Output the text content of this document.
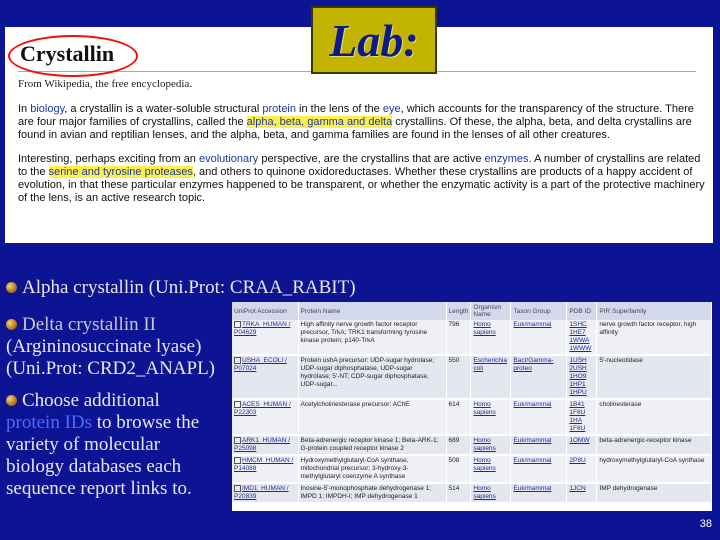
Crystallin
From Wikipedia, the free encyclopedia.

In biology, a crystallin is a water-soluble structural protein in the lens of the eye, which accounts for the transparency of the structure. There are four major families of crystallins, called the alpha, beta, gamma and delta crystallins. Of these, the alpha, beta, and delta crystallins are found in avian and reptilian lenses, and the alpha, beta, and gamma families are found in the lenses of all other creatures.

Interesting, perhaps exciting from an evolutionary perspective, are the crystallins that are active enzymes. A number of crystallins are related to the serine and tyrosine proteases, and others to quinone oxidoreductases. Whether these crystallins are products of a happy accident of evolution, in that these particular enzymes happened to be transparent, or whether the enzymatic activity is a part of the protective machinery of the lens, is an active research topic.

Lab:
Alpha crystallin (Uni.Prot: CRAA_RABIT)
Delta crystallin II
(Argininosuccinate lyase)
(Uni.Prot: CRD2_ANAPL)
Choose additional
protein IDs to browse the
variety of molecular
biology databases each
sequence report links to.
UniProt Accession	Protein Name	Length	Organism Name	Taxon Group	PDB ID	PIR Superfamily
TRKA_HUMAN / P04629	High affinity nerve growth factor receptor precursor, TrkA; TRK1 transforming tyrosine kinase protein; p140-TrkA	796	Homo sapiens	Euk/mammal	1SHC 1HE7 1WWA 1WWW	nerve growth factor receptor, high affinity
USHA_ECOLI / P07024	Protein ushA precursor: UDP-sugar hydrolase; UDP-sugar diphosphatase, UDP-sugar hydrolase; 5'-NT; CDP-sugar diphosphatase, UDP-sugar...	550	Escherichia coli	Bact/Gamma-proteo	1USH 2USH 1HO9 1HP1 1HPU	5'-nucleotidase
ACES_HUMAN / P22303	Acetylcholinesterase precursor: AChE	614	Homo sapiens	Euk/mammal	1B41 1F8U 1HA 1F8U	cholinesterase
ARK1_HUMAN / P25098	Beta-adrenergic receptor kinase 1; Beta-ARK-1; G-protein coupled receptor kinase 2	689	Homo sapiens	Euk/mammal	1OMW	beta-adrenergic-receptor kinase
HMCM_HUMAN / P14088	Hydroxymethylglutaryl-CoA synthase, mitochondrial precursor; 3-hydroxy-3-methylglutaryl coenzyme A synthase	508	Homo sapiens	Euk/mammal	2P8U	hydroxymethylglutaryl-CoA synthase
IMD1_HUMAN / P20839	Inosine-5'-monophosphate dehydrogenase 1; IMPD 1; IMPDH-I; IMP dehydrogenase 1	514	Homo sapiens	Euk/mammal	1JCN	IMP dehydrogenase
38
